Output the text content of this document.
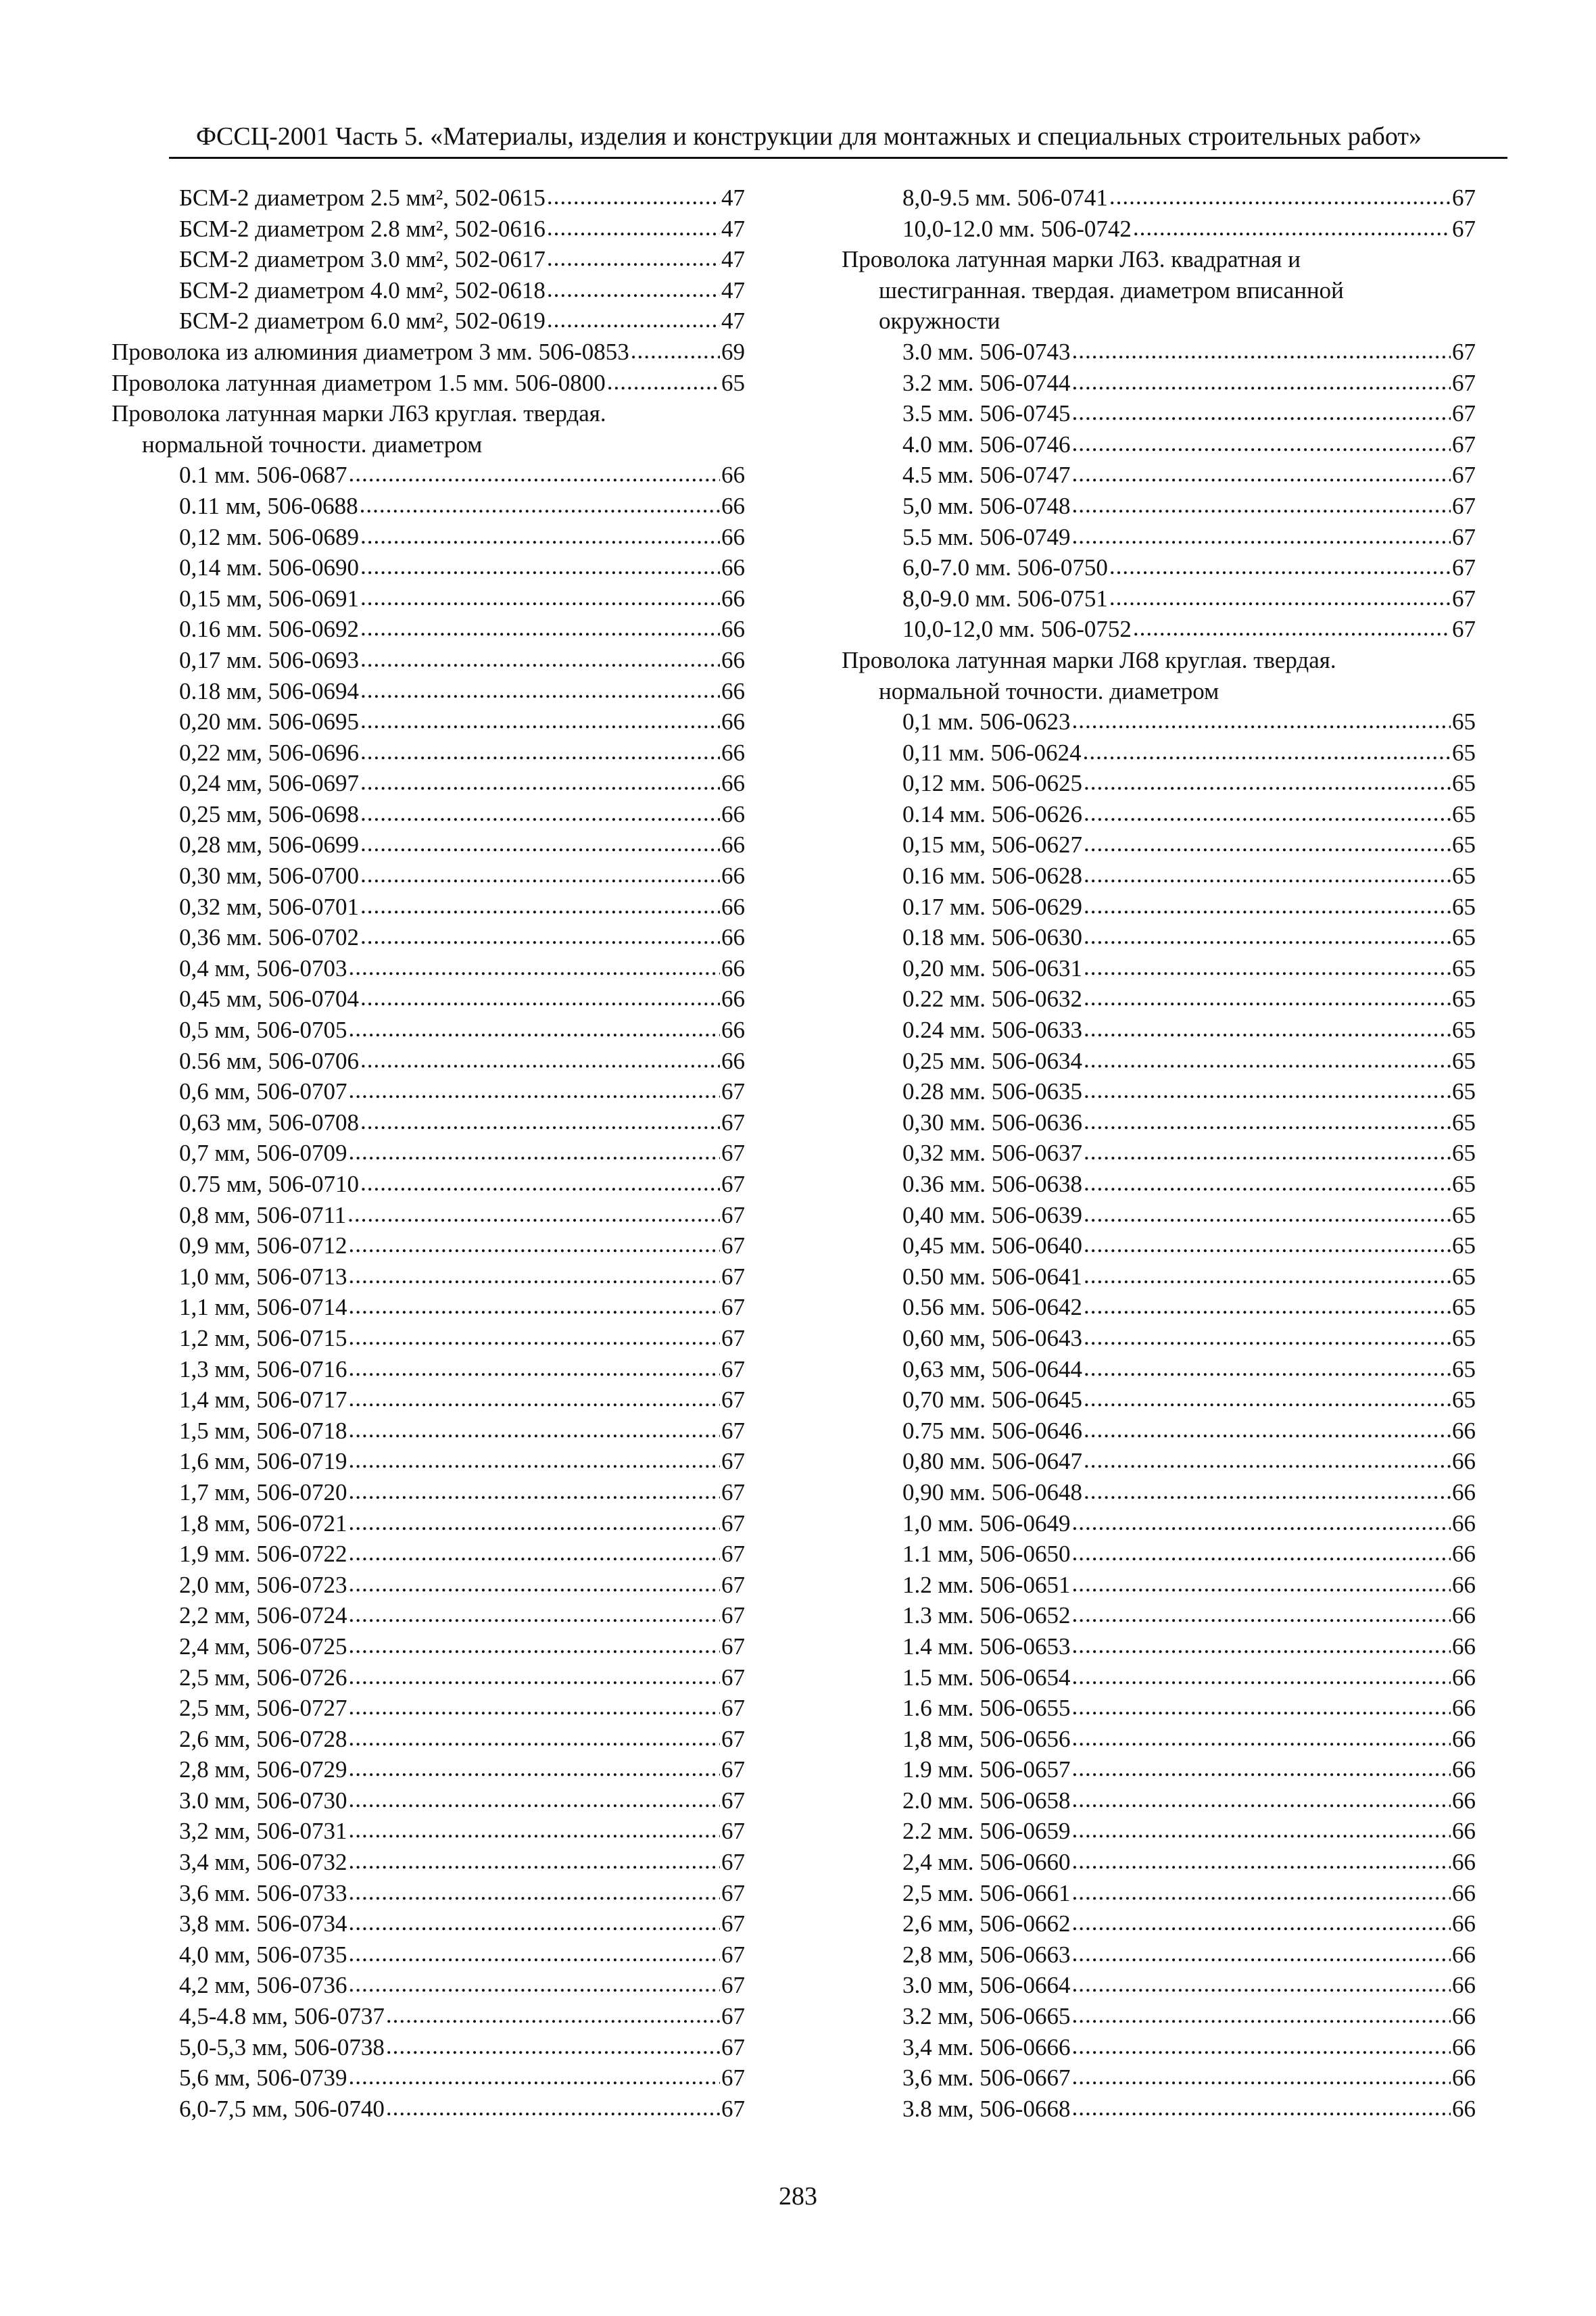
ФССЦ-2001 Часть 5. «Материалы, изделия и конструкции для монтажных и специальных строительных работ»
БСМ-2 диаметром 2.5 мм², 502-0615 .....	47
БСМ-2 диаметром 2.8 мм², 502-0616 .....	47
БСМ-2 диаметром 3.0 мм², 502-0617 .....	47
БСМ-2 диаметром 4.0 мм², 502-0618 .....	47
БСМ-2 диаметром 6.0 мм², 502-0619 .....	47
Проволока из алюминия диаметром 3 мм. 506-0853 .....	69
Проволока латунная диаметром 1.5 мм. 506-0800 .....	65
Проволока латунная марки Л63 круглая. твердая.
нормальной точности. диаметром
0.1 мм. 506-0687 .....	66
0.11 мм, 506-0688 .....	66
0,12 мм. 506-0689 .....	66
0,14 мм. 506-0690 .....	66
0,15 мм, 506-0691 .....	66
0.16 мм. 506-0692 .....	66
0,17 мм. 506-0693 .....	66
0.18 мм, 506-0694 .....	66
0,20 мм. 506-0695 .....	66
0,22 мм, 506-0696 .....	66
0,24 мм, 506-0697 .....	66
0,25 мм, 506-0698 .....	66
0,28 мм, 506-0699 .....	66
0,30 мм, 506-0700 .....	66
0,32 мм, 506-0701 .....	66
0,36 мм. 506-0702 .....	66
0,4 мм, 506-0703 .....	66
0,45 мм, 506-0704 .....	66
0,5 мм, 506-0705 .....	66
0.56 мм, 506-0706 .....	66
0,6 мм, 506-0707 .....	67
0,63 мм, 506-0708 .....	67
0,7 мм, 506-0709 .....	67
0.75 мм, 506-0710 .....	67
0,8 мм, 506-0711 .....	67
0,9 мм, 506-0712 .....	67
1,0 мм, 506-0713 .....	67
1,1 мм, 506-0714 .....	67
1,2 мм, 506-0715 .....	67
1,3 мм, 506-0716 .....	67
1,4 мм, 506-0717 .....	67
1,5 мм, 506-0718 .....	67
1,6 мм, 506-0719 .....	67
1,7 мм, 506-0720 .....	67
1,8 мм, 506-0721 .....	67
1,9 мм. 506-0722 .....	67
2,0 мм, 506-0723 .....	67
2,2 мм, 506-0724 .....	67
2,4 мм, 506-0725 .....	67
2,5 мм, 506-0726 .....	67
2,5 мм, 506-0727 .....	67
2,6 мм, 506-0728 .....	67
2,8 мм, 506-0729 .....	67
3.0 мм, 506-0730 .....	67
3,2 мм, 506-0731 .....	67
3,4 мм, 506-0732 .....	67
3,6 мм. 506-0733 .....	67
3,8 мм. 506-0734 .....	67
4,0 мм, 506-0735 .....	67
4,2 мм, 506-0736 .....	67
4,5-4.8 мм, 506-0737 .....	67
5,0-5,3 мм, 506-0738 .....	67
5,6 мм, 506-0739 .....	67
6,0-7,5 мм, 506-0740 .....	67
8,0-9.5 мм. 506-0741 .....	67
10,0-12.0 мм. 506-0742 .....	67
Проволока латунная марки Л63. квадратная и
шестигранная. твердая. диаметром вписанной
окружности
3.0 мм. 506-0743 .....	67
3.2 мм. 506-0744 .....	67
3.5 мм. 506-0745 .....	67
4.0 мм. 506-0746 .....	67
4.5 мм. 506-0747 .....	67
5,0 мм. 506-0748 .....	67
5.5 мм. 506-0749 .....	67
6,0-7.0 мм. 506-0750 .....	67
8,0-9.0 мм. 506-0751 .....	67
10,0-12,0 мм. 506-0752 .....	67
Проволока латунная марки Л68 круглая. твердая.
нормальной точности. диаметром
0,1 мм. 506-0623 .....	65
0,11 мм. 506-0624 .....	65
0,12 мм. 506-0625 .....	65
0.14 мм. 506-0626 .....	65
0,15 мм, 506-0627 .....	65
0.16 мм. 506-0628 .....	65
0.17 мм. 506-0629 .....	65
0.18 мм. 506-0630 .....	65
0,20 мм. 506-0631 .....	65
0.22 мм. 506-0632 .....	65
0.24 мм. 506-0633 .....	65
0,25 мм. 506-0634 .....	65
0.28 мм. 506-0635 .....	65
0,30 мм. 506-0636 .....	65
0,32 мм. 506-0637 .....	65
0.36 мм. 506-0638 .....	65
0,40 мм. 506-0639 .....	65
0,45 мм. 506-0640 .....	65
0.50 мм. 506-0641 .....	65
0.56 мм. 506-0642 .....	65
0,60 мм, 506-0643 .....	65
0,63 мм, 506-0644 .....	65
0,70 мм. 506-0645 .....	65
0.75 мм. 506-0646 .....	66
0,80 мм. 506-0647 .....	66
0,90 мм. 506-0648 .....	66
1,0 мм. 506-0649 .....	66
1.1 мм, 506-0650 .....	66
1.2 мм. 506-0651 .....	66
1.3 мм. 506-0652 .....	66
1.4 мм. 506-0653 .....	66
1.5 мм. 506-0654 .....	66
1.6 мм. 506-0655 .....	66
1,8 мм, 506-0656 .....	66
1.9 мм. 506-0657 .....	66
2.0 мм. 506-0658 .....	66
2.2 мм. 506-0659 .....	66
2,4 мм. 506-0660 .....	66
2,5 мм. 506-0661 .....	66
2,6 мм, 506-0662 .....	66
2,8 мм, 506-0663 .....	66
3.0 мм, 506-0664 .....	66
3.2 мм, 506-0665 .....	66
3,4 мм. 506-0666 .....	66
3,6 мм. 506-0667 .....	66
3.8 мм, 506-0668 .....	66
283
